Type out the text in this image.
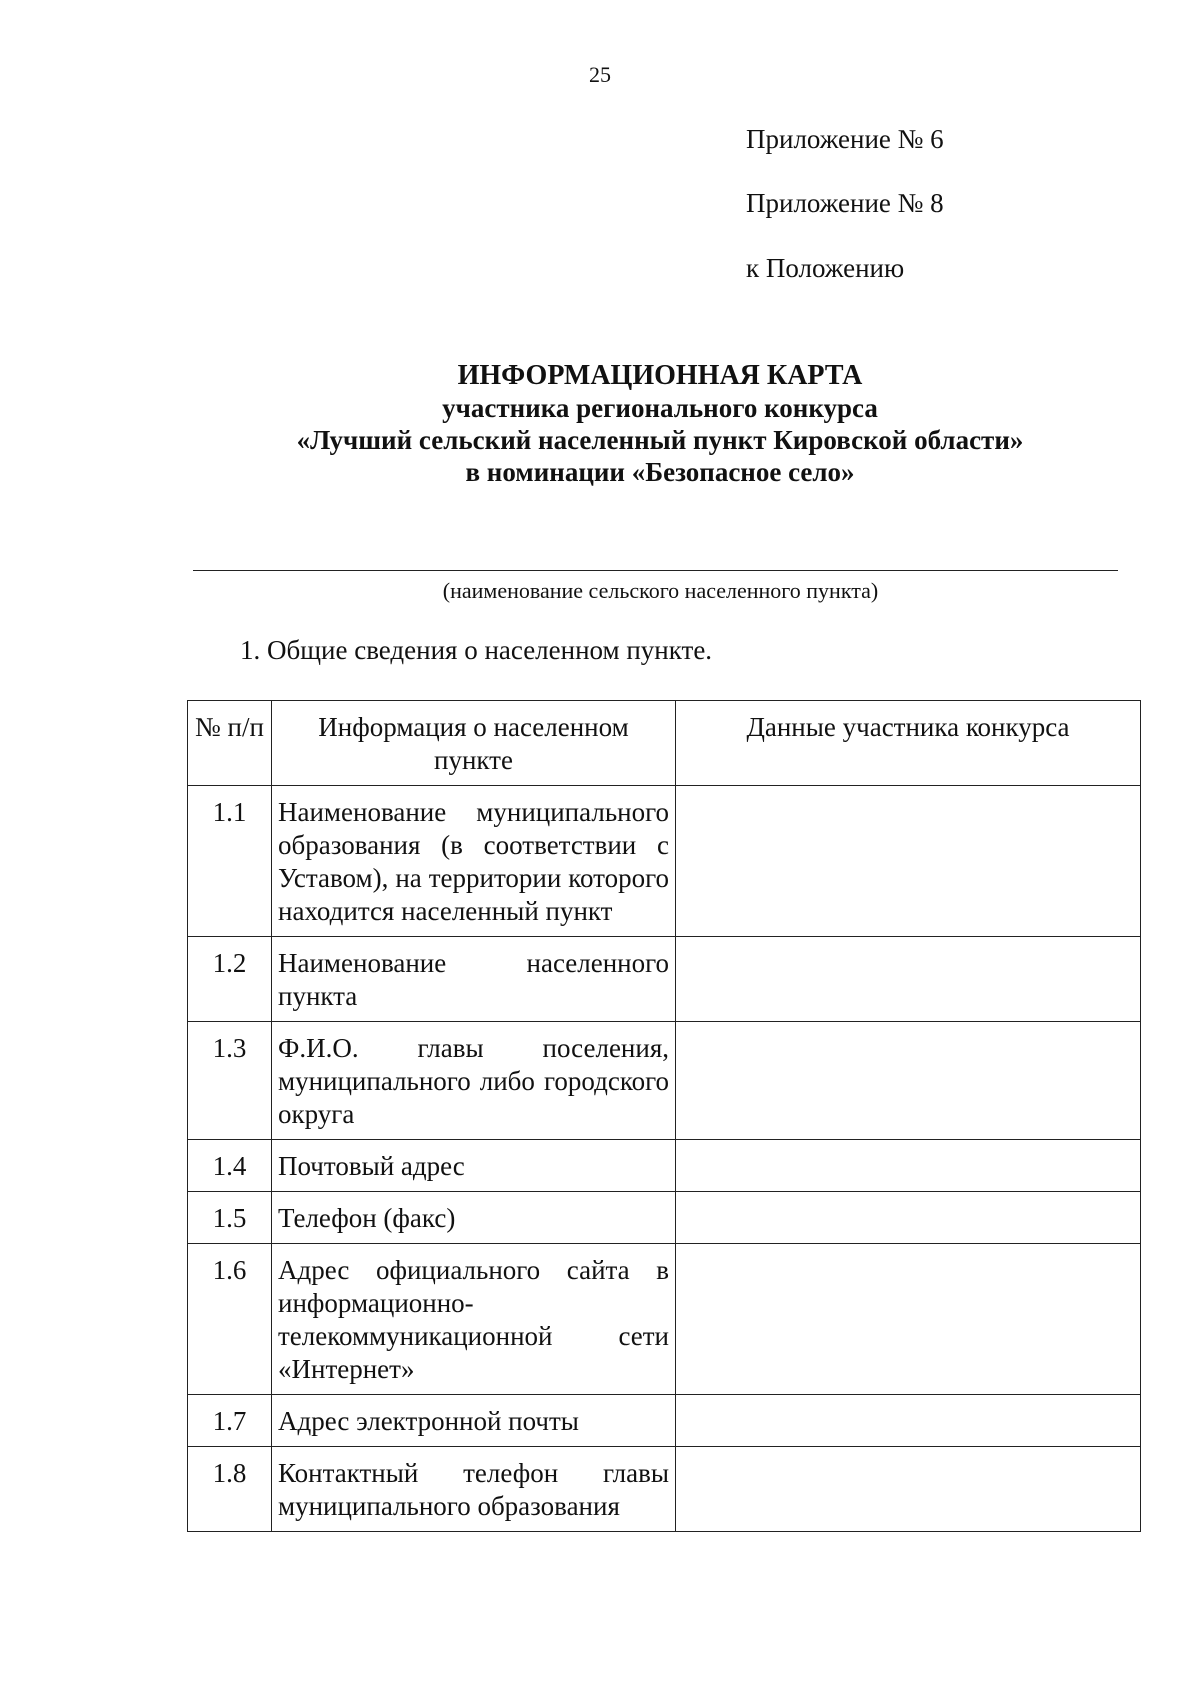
25
Приложение № 6
Приложение № 8
к Положению
ИНФОРМАЦИОННАЯ КАРТА
участника регионального конкурса
«Лучший сельский населенный пункт Кировской области»
в номинации «Безопасное село»
(наименование сельского населенного пункта)
1. Общие сведения о населенном пункте.
№ п/п	Информация о населенном пункте	Данные участника конкурса
1.1	Наименование муниципального образования (в соответствии с Уставом), на территории которого находится населенный пункт	
1.2	Наименование населенного пункта	
1.3	Ф.И.О. главы поселения, муниципального либо городского округа	
1.4	Почтовый адрес	
1.5	Телефон (факс)	
1.6	Адрес официального сайта в информационно-телекоммуникационной сети «Интернет»	
1.7	Адрес электронной почты	
1.8	Контактный телефон главы муниципального образования	
